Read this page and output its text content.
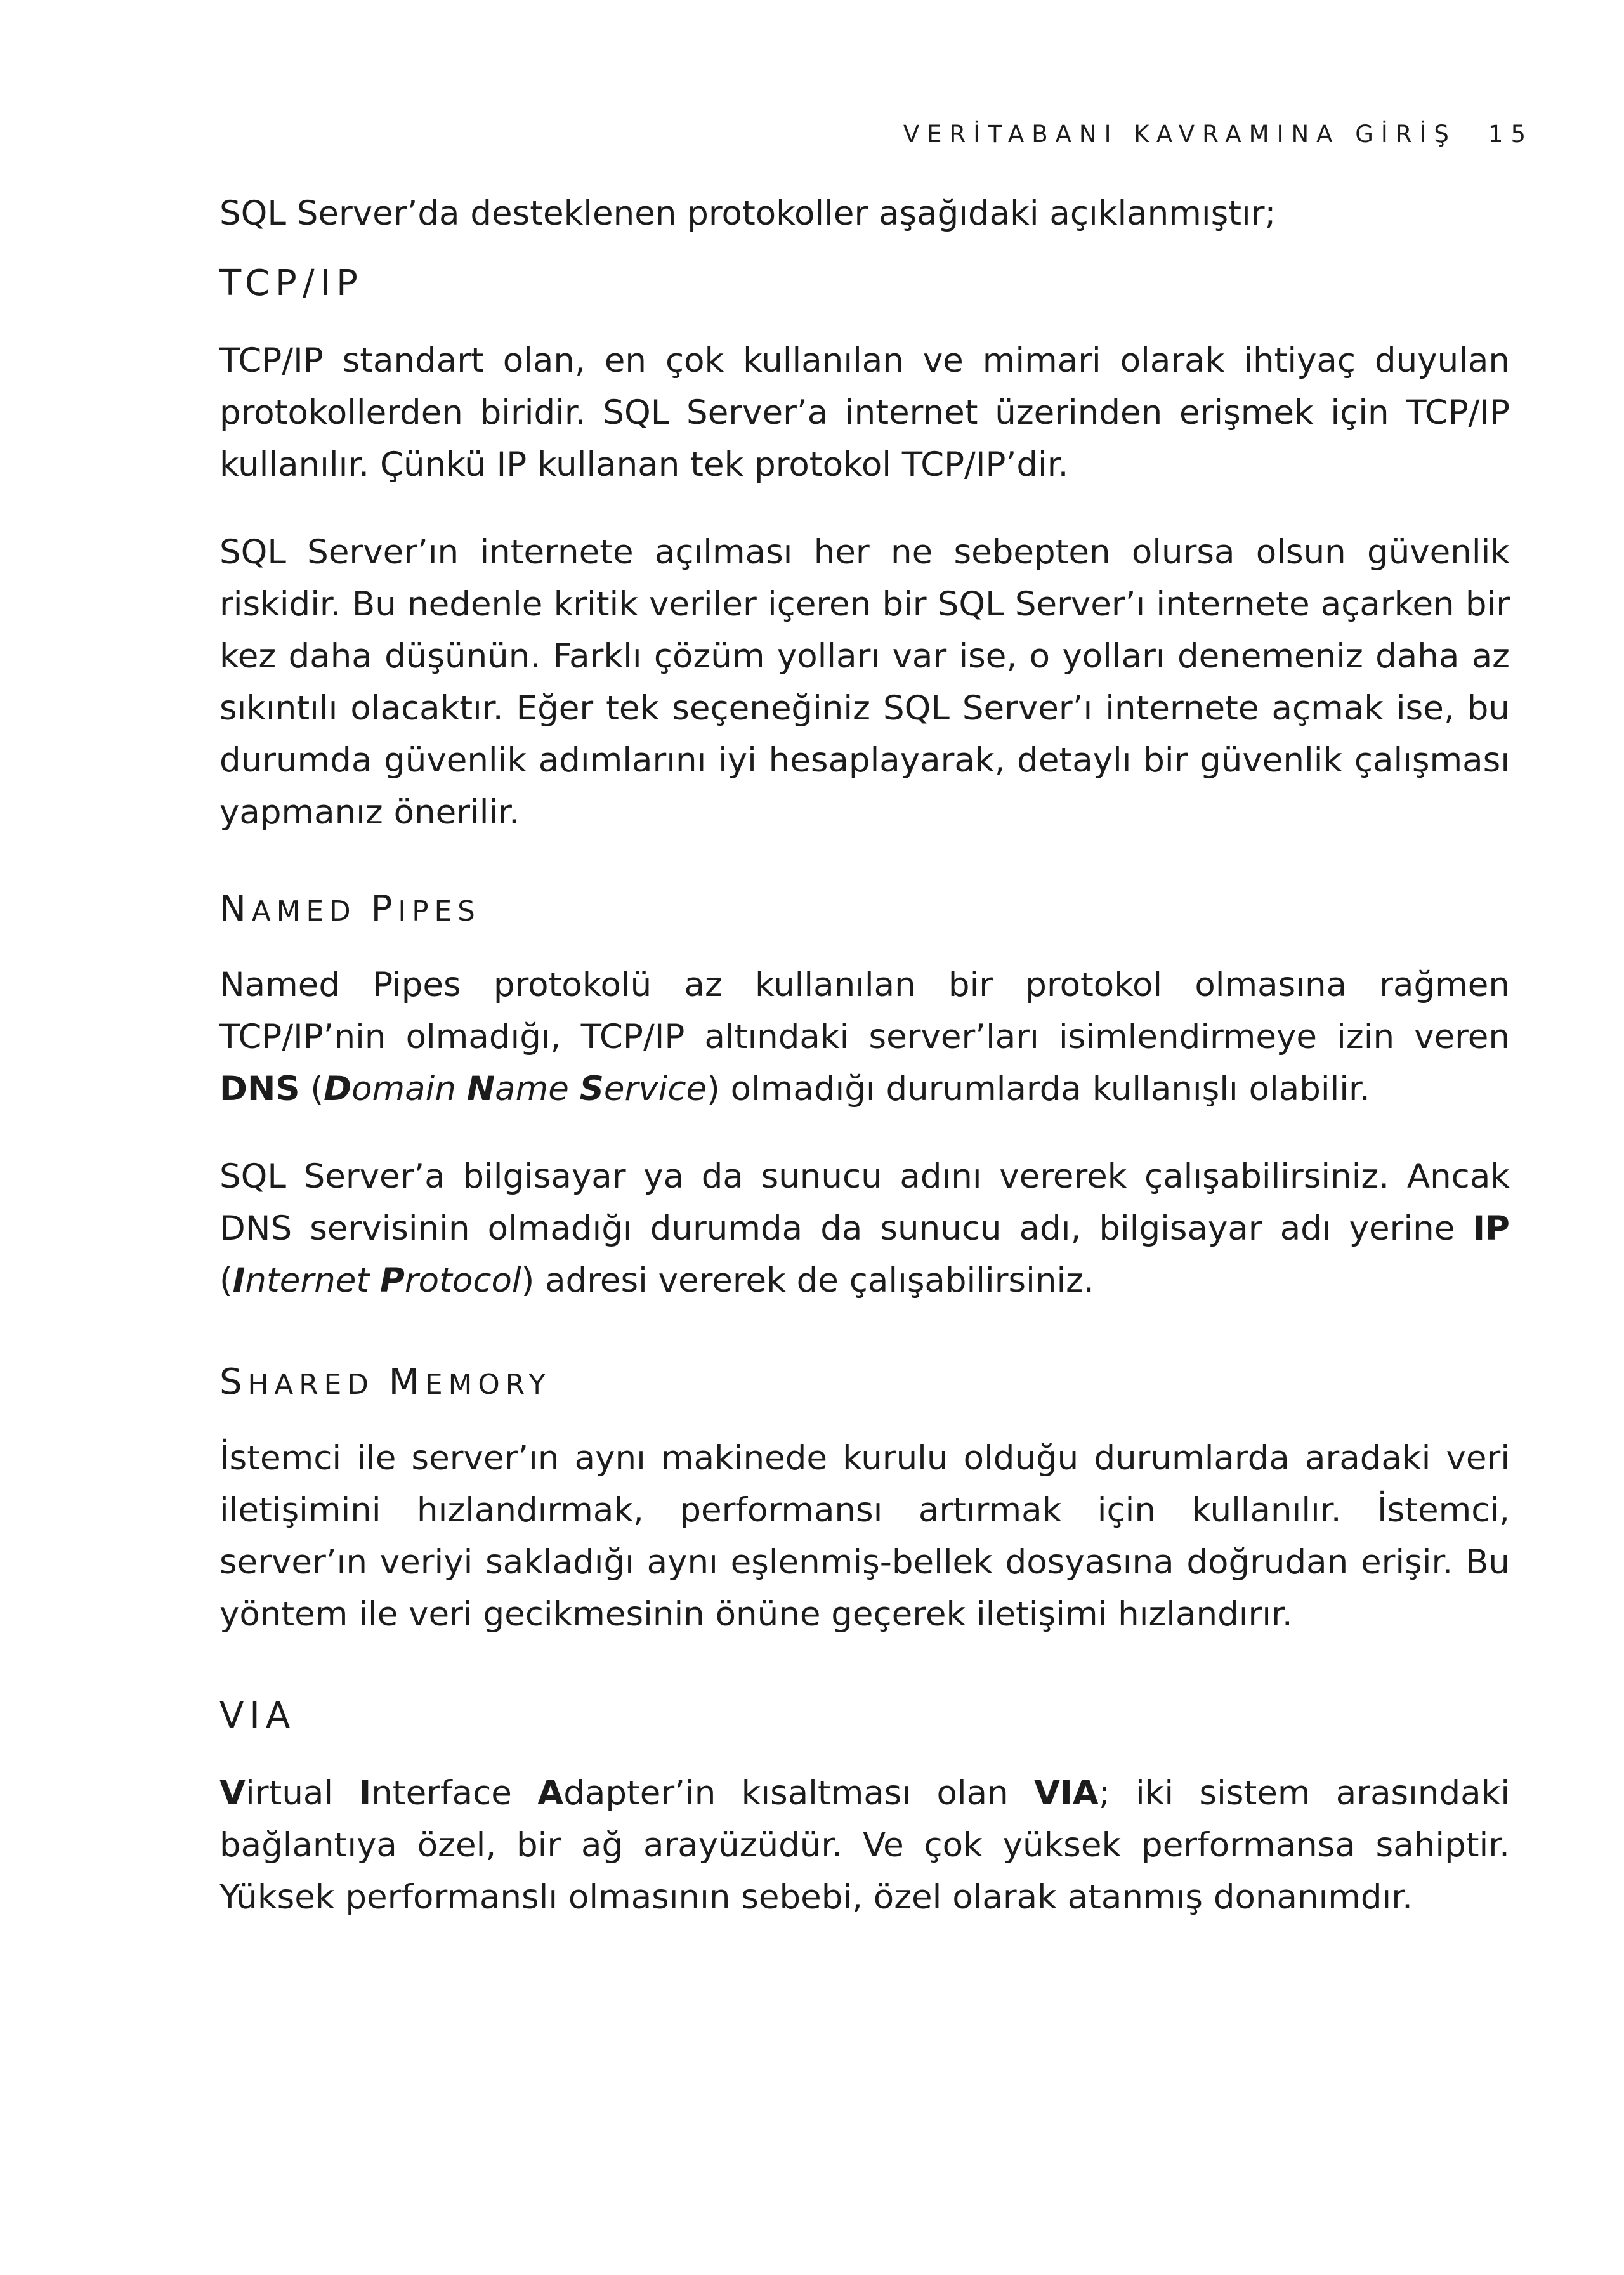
VERİTABANI KAVRAMINA GİRİŞ 15

SQL Server’da desteklenen protokoller aşağıdaki açıklanmıştır;

TCP/IP

TCP/IP standart olan, en çok kullanılan ve mimari olarak ihtiyaç duyulan protokollerden biridir. SQL Server’a internet üzerinden erişmek için TCP/IP kullanılır. Çünkü IP kullanan tek protokol TCP/IP’dir.

SQL Server’ın internete açılması her ne sebepten olursa olsun güvenlik riskidir. Bu nedenle kritik veriler içeren bir SQL Server’ı internete açarken bir kez daha düşünün. Farklı çözüm yolları var ise, o yolları denemeniz daha az sıkıntılı olacaktır. Eğer tek seçeneğiniz SQL Server’ı internete açmak ise, bu durumda güvenlik adımlarını iyi hesaplayarak, detaylı bir güvenlik çalışması yapmanız önerilir.

NAMED PIPES

Named Pipes protokolü az kullanılan bir protokol olmasına rağmen TCP/IP’nin olmadığı, TCP/IP altındaki server’ları isimlendirmeye izin veren DNS (Domain Name Service) olmadığı durumlarda kullanışlı olabilir.

SQL Server’a bilgisayar ya da sunucu adını vererek çalışabilirsiniz. Ancak DNS servisinin olmadığı durumda da sunucu adı, bilgisayar adı yerine IP (Internet Protocol) adresi vererek de çalışabilirsiniz.

SHARED MEMORY

İstemci ile server’ın aynı makinede kurulu olduğu durumlarda aradaki veri iletişimini hızlandırmak, performansı artırmak için kullanılır. İstemci, server’ın veriyi sakladığı aynı eşlenmiş-bellek dosyasına doğrudan erişir. Bu yöntem ile veri gecikmesinin önüne geçerek iletişimi hızlandırır.

VIA

Virtual Interface Adapter’in kısaltması olan VIA; iki sistem arasındaki bağlantıya özel, bir ağ arayüzüdür. Ve çok yüksek performansa sahiptir. Yüksek performanslı olmasının sebebi, özel olarak atanmış donanımdır.
